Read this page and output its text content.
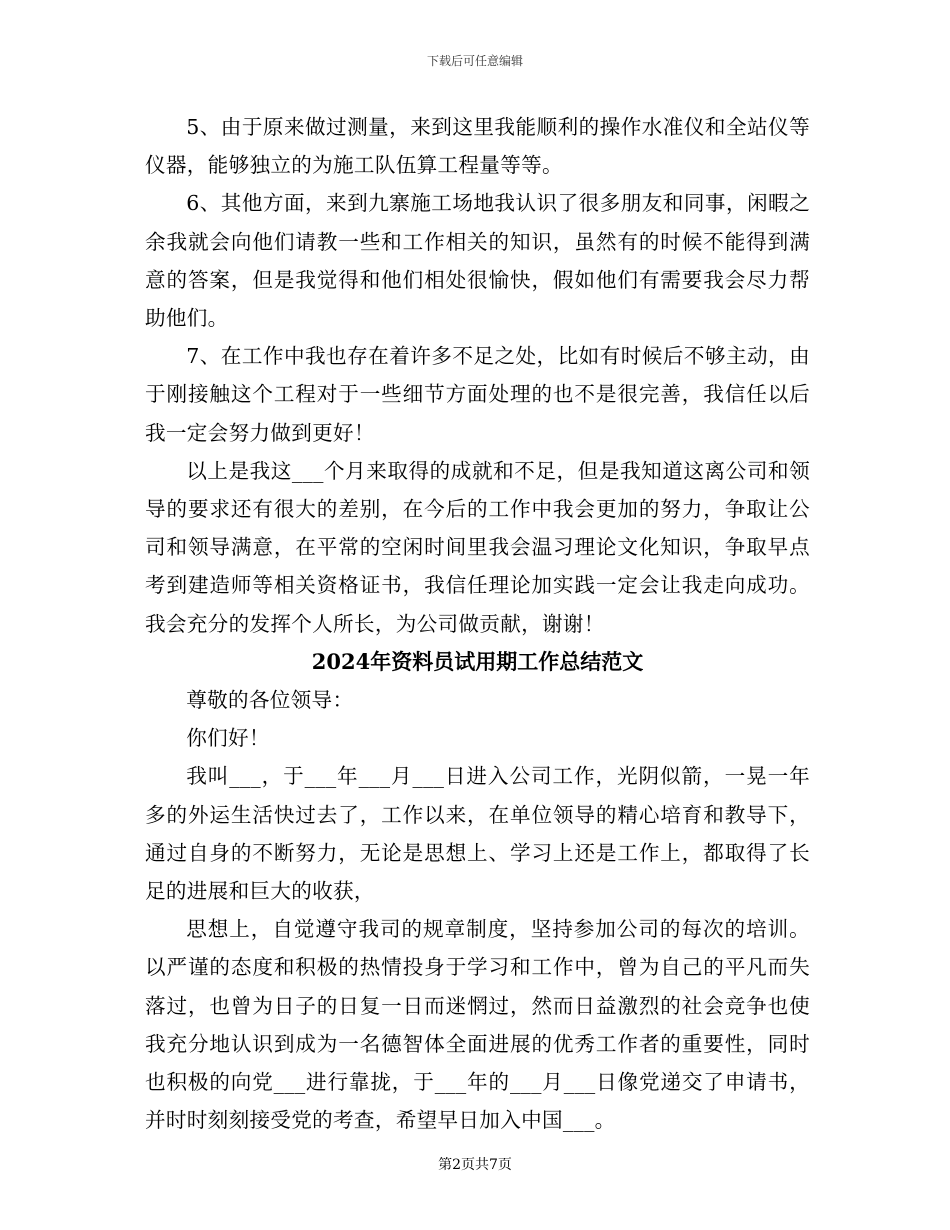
下载后可任意编辑

5、由于原来做过测量，来到这里我能顺利的操作水准仪和全站仪等仪器，能够独立的为施工队伍算工程量等等。

6、其他方面，来到九寨施工场地我认识了很多朋友和同事，闲暇之余我就会向他们请教一些和工作相关的知识，虽然有的时候不能得到满意的答案，但是我觉得和他们相处很愉快，假如他们有需要我会尽力帮助他们。

7、在工作中我也存在着许多不足之处，比如有时候后不够主动，由于刚接触这个工程对于一些细节方面处理的也不是很完善，我信任以后我一定会努力做到更好！

以上是我这___个月来取得的成就和不足，但是我知道这离公司和领导的要求还有很大的差别，在今后的工作中我会更加的努力，争取让公司和领导满意，在平常的空闲时间里我会温习理论文化知识，争取早点考到建造师等相关资格证书，我信任理论加实践一定会让我走向成功。我会充分的发挥个人所长，为公司做贡献，谢谢！

2024年资料员试用期工作总结范文

尊敬的各位领导：

你们好！

我叫___，于___年___月___日进入公司工作，光阴似箭，一晃一年多的外运生活快过去了，工作以来，在单位领导的精心培育和教导下，通过自身的不断努力，无论是思想上、学习上还是工作上，都取得了长足的进展和巨大的收获，

思想上，自觉遵守我司的规章制度，坚持参加公司的每次的培训。以严谨的态度和积极的热情投身于学习和工作中，曾为自己的平凡而失落过，也曾为日子的日复一日而迷惘过，然而日益激烈的社会竞争也使我充分地认识到成为一名德智体全面进展的优秀工作者的重要性，同时也积极的向党___进行靠拢，于___年的___月___日像党递交了申请书，并时时刻刻接受党的考查，希望早日加入中国___。

第2页共7页
